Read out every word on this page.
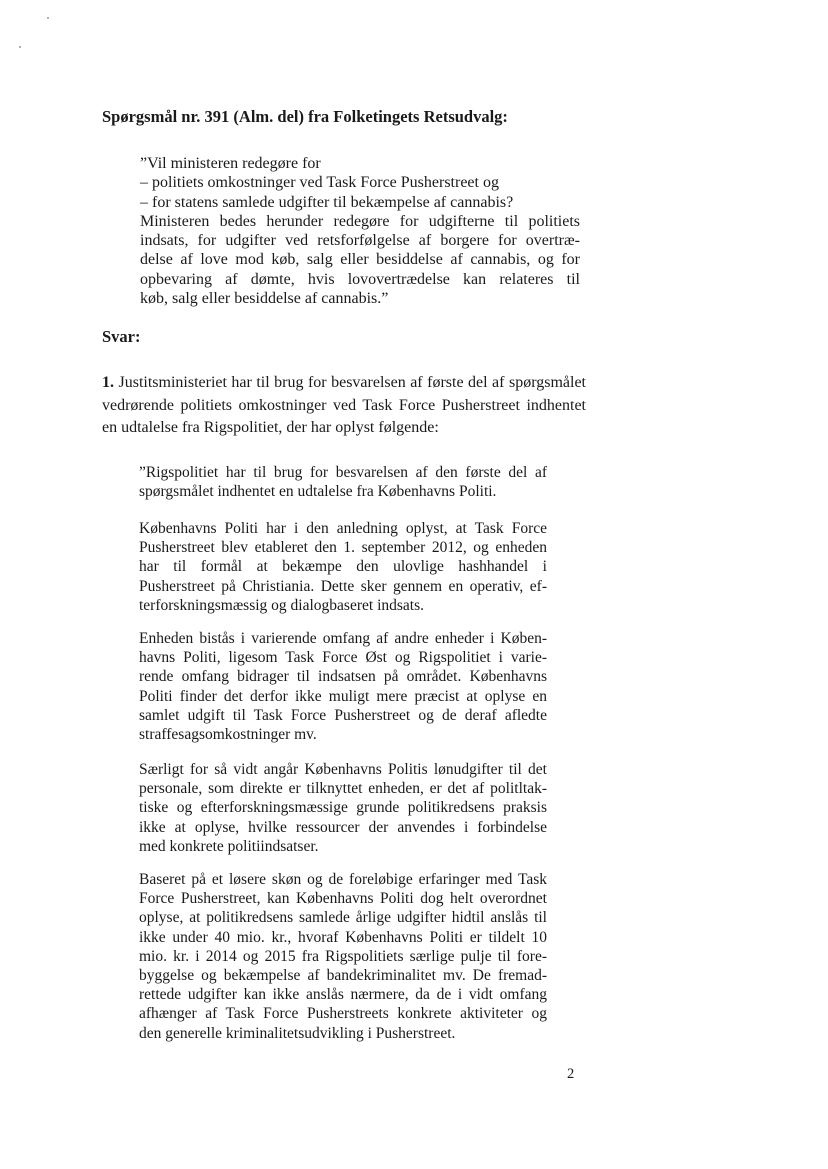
Spørgsmål nr. 391 (Alm. del) fra Folketingets Retsudvalg:
”Vil ministeren redegøre for
– politiets omkostninger ved Task Force Pusherstreet og
– for statens samlede udgifter til bekæmpelse af cannabis?
Ministeren bedes herunder redegøre for udgifterne til politiets
indsats, for udgifter ved retsforfølgelse af borgere for overtræ-
delse af love mod køb, salg eller besiddelse af cannabis, og for
opbevaring af dømte, hvis lovovertrædelse kan relateres til
køb, salg eller besiddelse af cannabis.”
Svar:
1. Justitsministeriet har til brug for besvarelsen af første del af spørgsmålet
vedrørende politiets omkostninger ved Task Force Pusherstreet indhentet
en udtalelse fra Rigspolitiet, der har oplyst følgende:
”Rigspolitiet har til brug for besvarelsen af den første del af
spørgsmålet indhentet en udtalelse fra Københavns Politi.
Københavns Politi har i den anledning oplyst, at Task Force
Pusherstreet blev etableret den 1. september 2012, og enheden
har til formål at bekæmpe den ulovlige hashhandel i
Pusherstreet på Christiania. Dette sker gennem en operativ, ef-
terforskningsmæssig og dialogbaseret indsats.
Enheden bistås i varierende omfang af andre enheder i Køben-
havns Politi, ligesom Task Force Øst og Rigspolitiet i varie-
rende omfang bidrager til indsatsen på området. Københavns
Politi finder det derfor ikke muligt mere præcist at oplyse en
samlet udgift til Task Force Pusherstreet og de deraf afledte
straffesagsomkostninger mv.
Særligt for så vidt angår Københavns Politis lønudgifter til det
personale, som direkte er tilknyttet enheden, er det af politltak-
tiske og efterforskningsmæssige grunde politikredsens praksis
ikke at oplyse, hvilke ressourcer der anvendes i forbindelse
med konkrete politiindsatser.
Baseret på et løsere skøn og de foreløbige erfaringer med Task
Force Pusherstreet, kan Københavns Politi dog helt overordnet
oplyse, at politikredsens samlede årlige udgifter hidtil anslås til
ikke under 40 mio. kr., hvoraf Københavns Politi er tildelt 10
mio. kr. i 2014 og 2015 fra Rigspolitiets særlige pulje til fore-
byggelse og bekæmpelse af bandekriminalitet mv. De fremad-
rettede udgifter kan ikke anslås nærmere, da de i vidt omfang
afhænger af Task Force Pusherstreets konkrete aktiviteter og
den generelle kriminalitetsudvikling i Pusherstreet.
2
